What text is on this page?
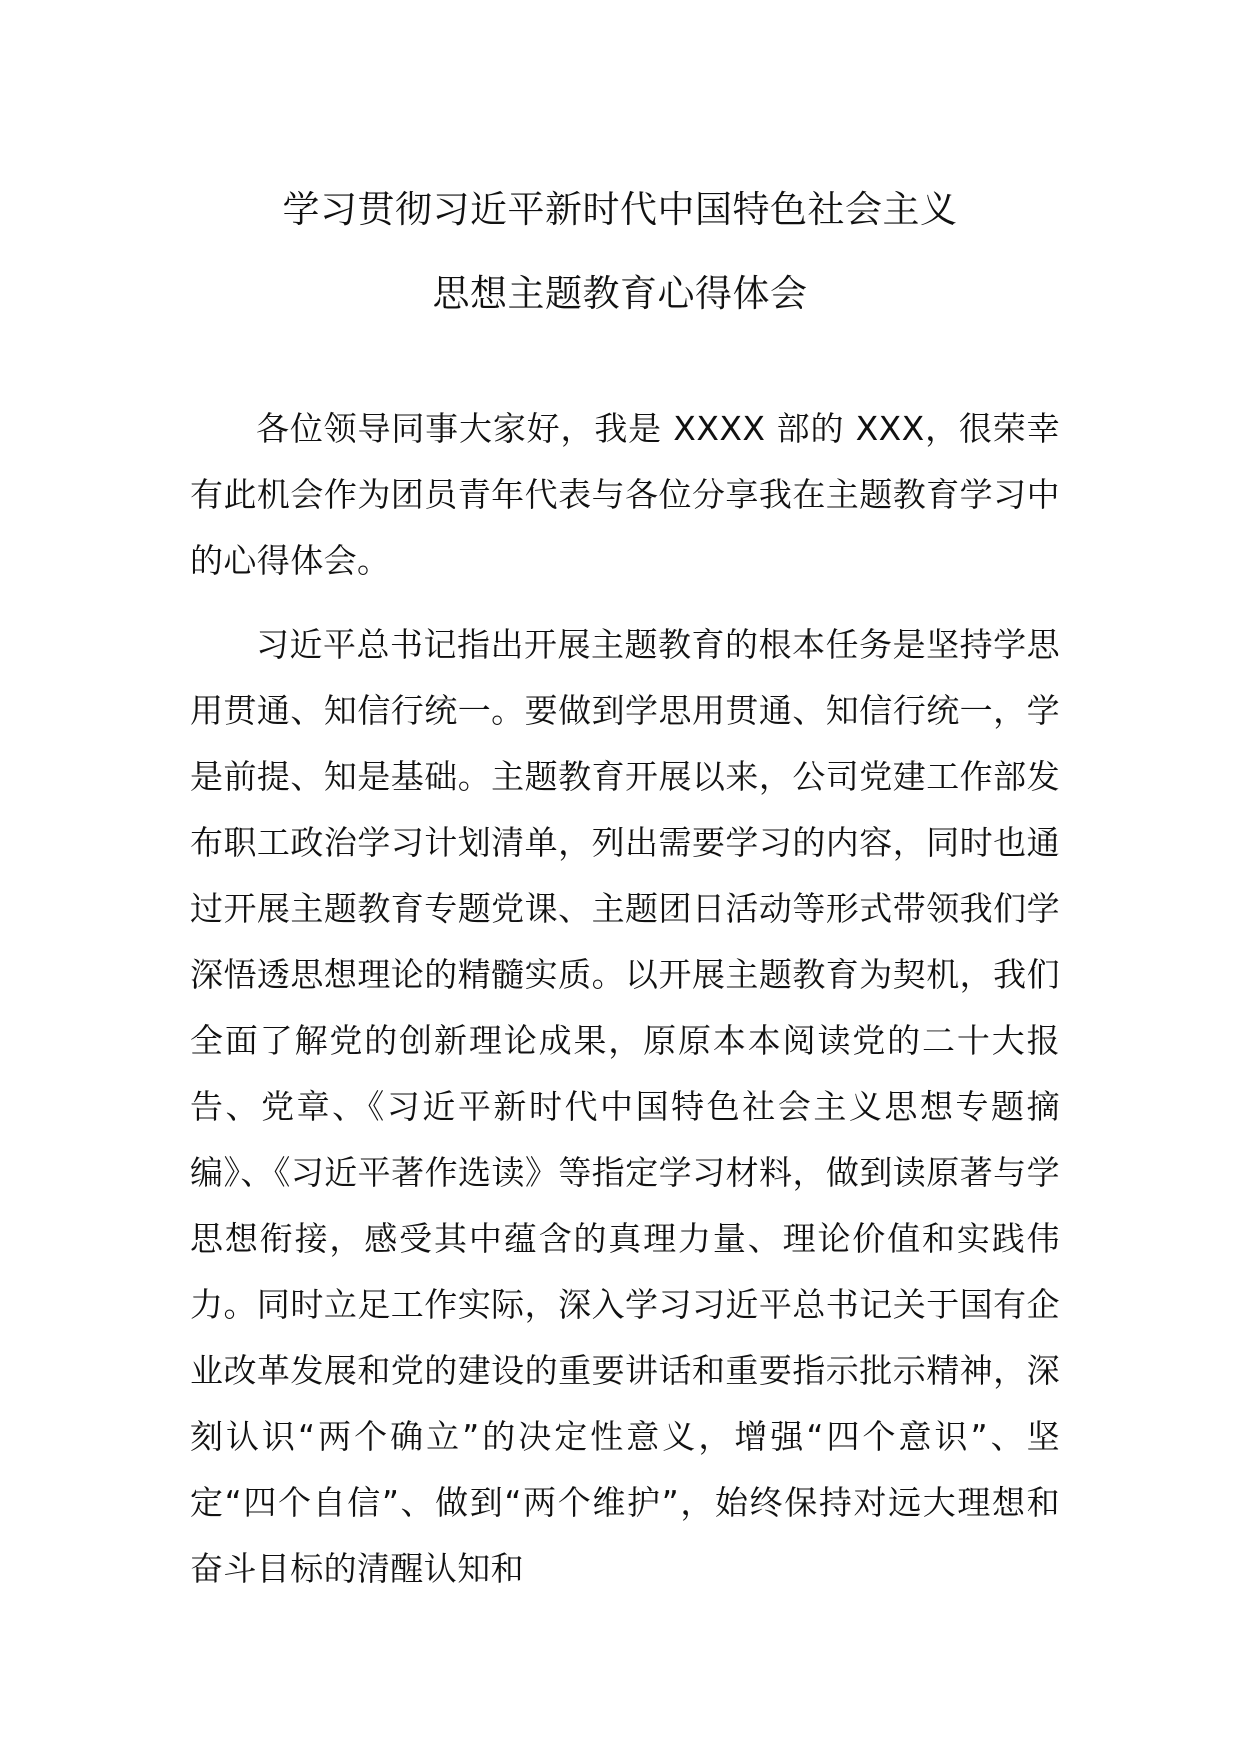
学习贯彻习近平新时代中国特色社会主义
思想主题教育心得体会

各位领导同事大家好，我是 XXXX 部的 XXX，很荣幸有此机会作为团员青年代表与各位分享我在主题教育学习中的心得体会。

习近平总书记指出开展主题教育的根本任务是坚持学思用贯通、知信行统一。要做到学思用贯通、知信行统一，学是前提、知是基础。主题教育开展以来，公司党建工作部发布职工政治学习计划清单，列出需要学习的内容，同时也通过开展主题教育专题党课、主题团日活动等形式带领我们学深悟透思想理论的精髓实质。以开展主题教育为契机，我们全面了解党的创新理论成果，原原本本阅读党的二十大报告、党章、《习近平新时代中国特色社会主义思想专题摘编》、《习近平著作选读》等指定学习材料，做到读原著与学思想衔接，感受其中蕴含的真理力量、理论价值和实践伟力。同时立足工作实际，深入学习习近平总书记关于国有企业改革发展和党的建设的重要讲话和重要指示批示精神，深刻认识“两个确立”的决定性意义，增强“四个意识”、坚定“四个自信”、做到“两个维护”，始终保持对远大理想和奋斗目标的清醒认知和
